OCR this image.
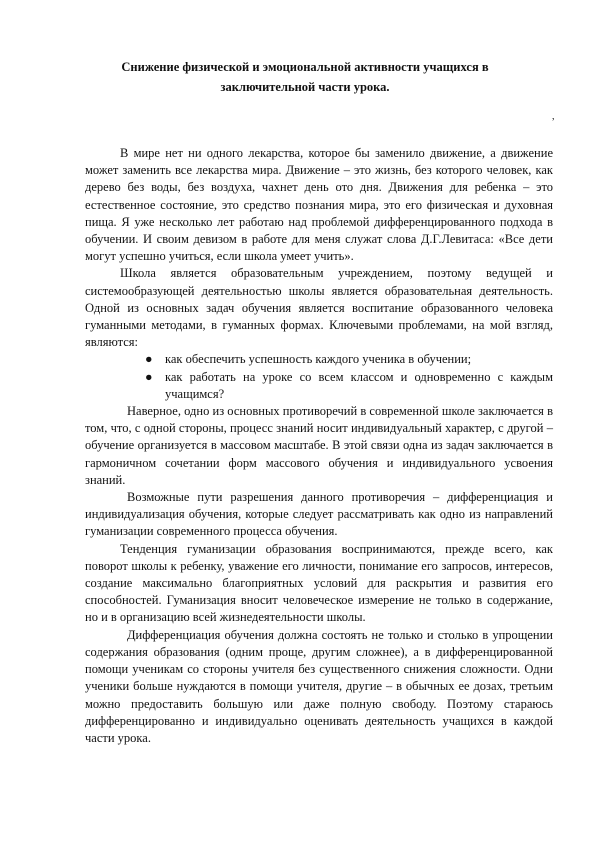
Снижение физической и эмоциональной активности учащихся в
заключительной части урока.
,

В мире нет ни одного лекарства, которое бы заменило движение, а движение может заменить все лекарства мира. Движение – это жизнь, без которого человек, как дерево без воды, без воздуха, чахнет день ото дня. Движения для ребенка – это естественное состояние, это средство познания мира, это его физическая и духовная пища. Я уже несколько лет работаю над проблемой дифференцированного подхода в обучении. И своим девизом в работе для меня служат слова Д.Г.Левитаса: «Все дети могут успешно учиться, если школа умеет учить».

Школа является образовательным учреждением, поэтому ведущей и системообразующей деятельностью школы является образовательная деятельность. Одной из основных задач обучения является воспитание образованного человека гуманными методами, в гуманных формах. Ключевыми проблемами, на мой взгляд, являются:

● как обеспечить успешность каждого ученика в обучении;
● как работать на уроке со всем классом и одновременно с каждым учащимся?

Наверное, одно из основных противоречий в современной школе заключается в том, что, с одной стороны, процесс знаний носит индивидуальный характер, с другой – обучение организуется в массовом масштабе. В этой связи одна из задач заключается в гармоничном сочетании форм массового обучения и индивидуального усвоения знаний.

Возможные пути разрешения данного противоречия – дифференциация и индивидуализация обучения, которые следует рассматривать как одно из направлений гуманизации современного процесса обучения.

Тенденция гуманизации образования воспринимаются, прежде всего, как поворот школы к ребенку, уважение его личности, понимание его запросов, интересов, создание максимально благоприятных условий для раскрытия и развития его способностей. Гуманизация вносит человеческое измерение не только в содержание, но и в организацию всей жизнедеятельности школы.

Дифференциация обучения должна состоять не только и столько в упрощении содержания образования (одним проще, другим сложнее), а в дифференцированной помощи ученикам со стороны учителя без существенного снижения сложности. Одни ученики больше нуждаются в помощи учителя, другие – в обычных ее дозах, третьим можно предоставить большую или даже полную свободу. Поэтому стараюсь дифференцированно и индивидуально оценивать деятельность учащихся в каждой части урока.
